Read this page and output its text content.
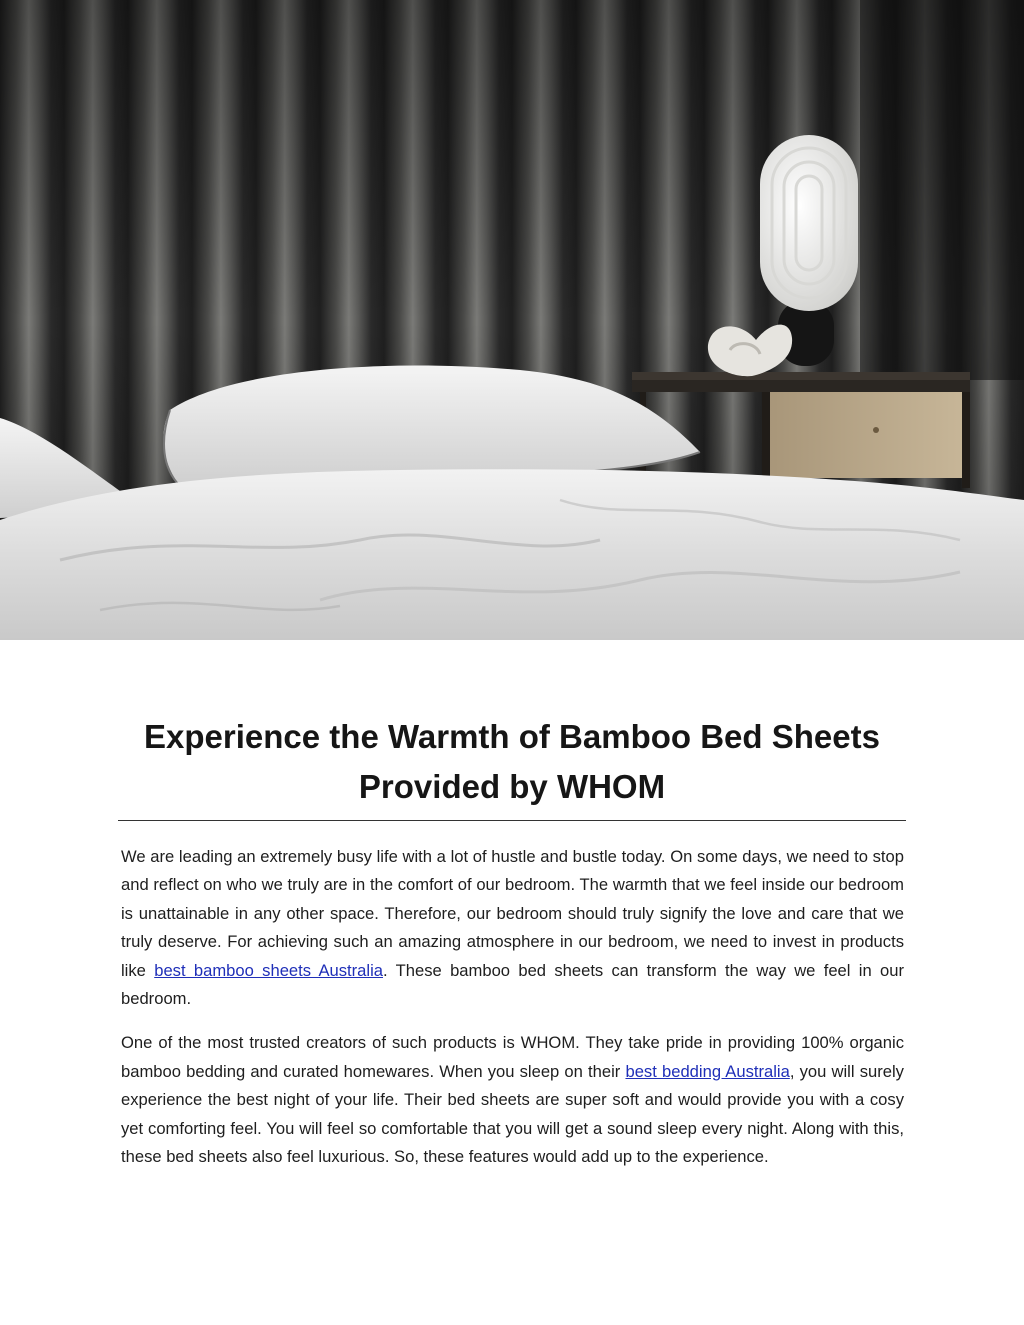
Experience the Warmth of Bamboo Bed Sheets Provided by WHOM

We are leading an extremely busy life with a lot of hustle and bustle today. On some days, we need to stop and reflect on who we truly are in the comfort of our bedroom. The warmth that we feel inside our bedroom is unattainable in any other space. Therefore, our bedroom should truly signify the love and care that we truly deserve. For achieving such an amazing atmosphere in our bedroom, we need to invest in products like best bamboo sheets Australia. These bamboo bed sheets can transform the way we feel in our bedroom.

One of the most trusted creators of such products is WHOM. They take pride in providing 100% organic bamboo bedding and curated homewares. When you sleep on their best bedding Australia, you will surely experience the best night of your life. Their bed sheets are super soft and would provide you with a cosy yet comforting feel. You will feel so comfortable that you will get a sound sleep every night. Along with this, these bed sheets also feel luxurious. So, these features would add up to the experience.
